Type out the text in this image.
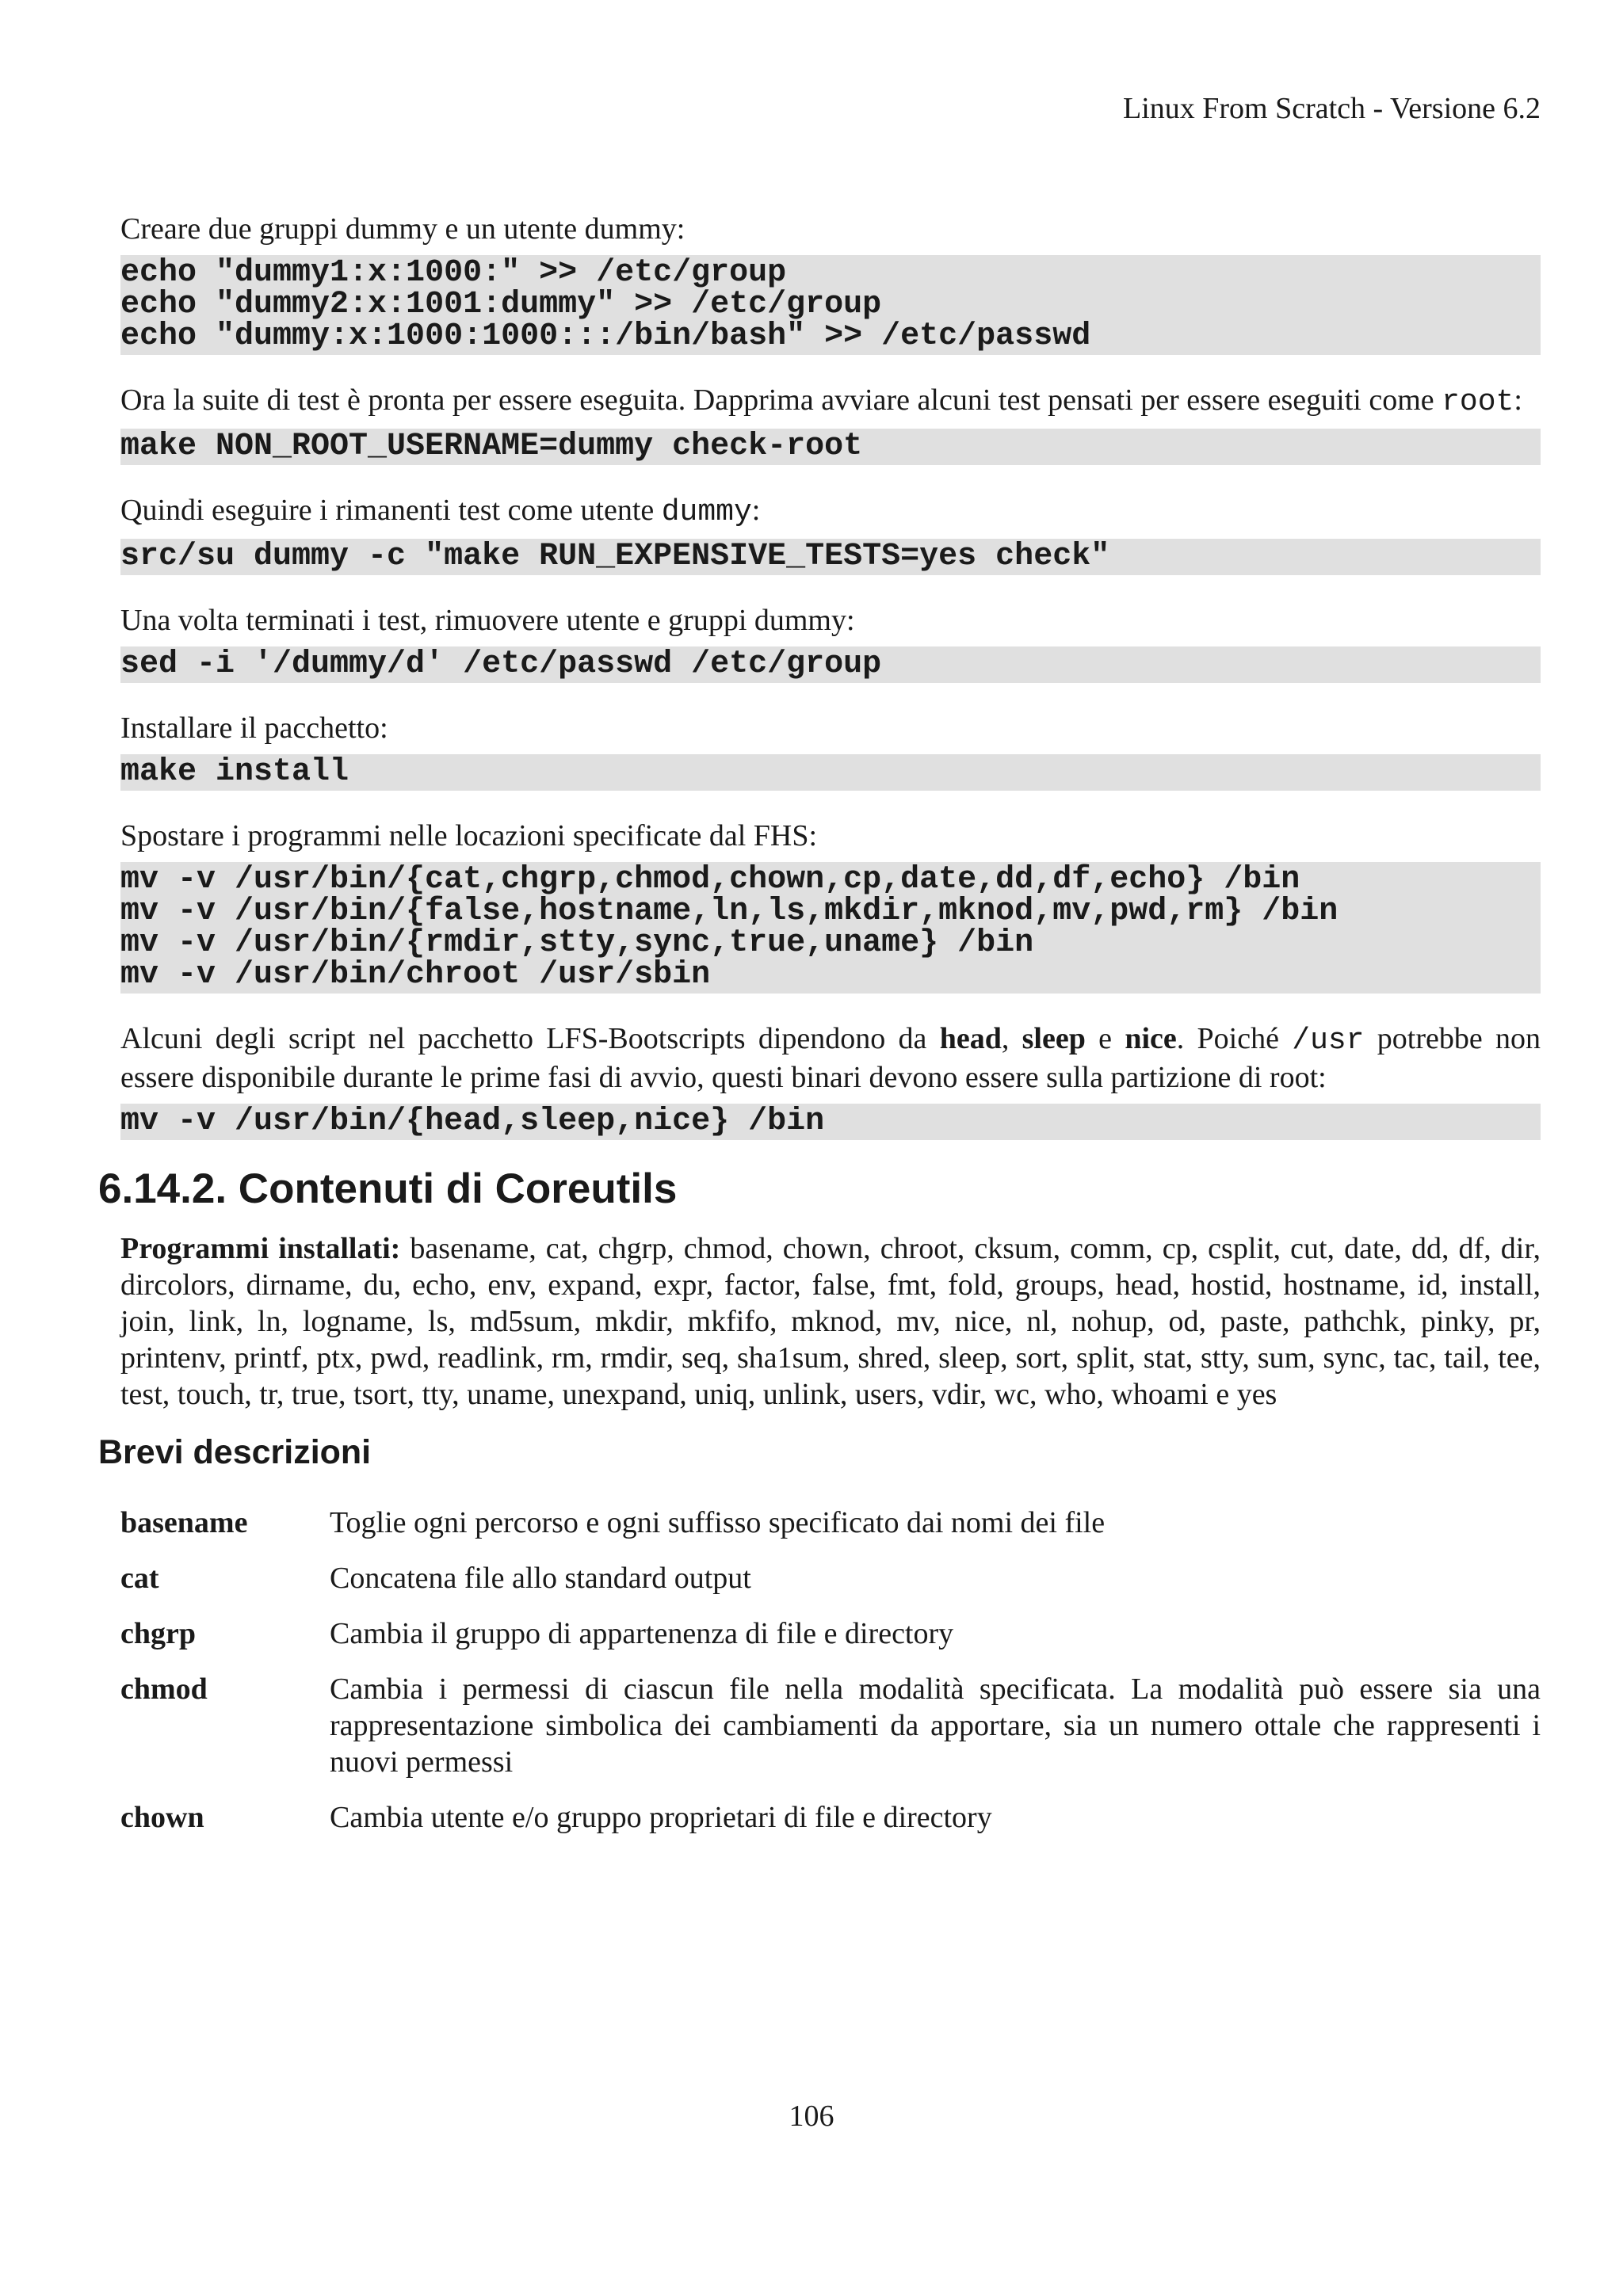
Linux From Scratch - Versione 6.2

Creare due gruppi dummy e un utente dummy:

echo "dummy1:x:1000:" >> /etc/group
echo "dummy2:x:1001:dummy" >> /etc/group
echo "dummy:x:1000:1000:::/bin/bash" >> /etc/passwd

Ora la suite di test è pronta per essere eseguita. Dapprima avviare alcuni test pensati per essere eseguiti come root:

make NON_ROOT_USERNAME=dummy check-root

Quindi eseguire i rimanenti test come utente dummy:

src/su dummy -c "make RUN_EXPENSIVE_TESTS=yes check"

Una volta terminati i test, rimuovere utente e gruppi dummy:

sed -i '/dummy/d' /etc/passwd /etc/group

Installare il pacchetto:

make install

Spostare i programmi nelle locazioni specificate dal FHS:

mv -v /usr/bin/{cat,chgrp,chmod,chown,cp,date,dd,df,echo} /bin
mv -v /usr/bin/{false,hostname,ln,ls,mkdir,mknod,mv,pwd,rm} /bin
mv -v /usr/bin/{rmdir,stty,sync,true,uname} /bin
mv -v /usr/bin/chroot /usr/sbin

Alcuni degli script nel pacchetto LFS-Bootscripts dipendono da head, sleep e nice. Poiché /usr potrebbe non essere disponibile durante le prime fasi di avvio, questi binari devono essere sulla partizione di root:

mv -v /usr/bin/{head,sleep,nice} /bin
6.14.2. Contenuti di Coreutils

Programmi installati: basename, cat, chgrp, chmod, chown, chroot, cksum, comm, cp, csplit, cut, date, dd, df, dir, dircolors, dirname, du, echo, env, expand, expr, factor, false, fmt, fold, groups, head, hostid, hostname, id, install, join, link, ln, logname, ls, md5sum, mkdir, mkfifo, mknod, mv, nice, nl, nohup, od, paste, pathchk, pinky, pr, printenv, printf, ptx, pwd, readlink, rm, rmdir, seq, sha1sum, shred, sleep, sort, split, stat, stty, sum, sync, tac, tail, tee, test, touch, tr, true, tsort, tty, uname, unexpand, uniq, unlink, users, vdir, wc, who, whoami e yes

Brevi descrizioni
basename	Toglie ogni percorso e ogni suffisso specificato dai nomi dei file
cat	Concatena file allo standard output
chgrp	Cambia il gruppo di appartenenza di file e directory
chmod	Cambia i permessi di ciascun file nella modalità specificata. La modalità può essere sia una rappresentazione simbolica dei cambiamenti da apportare, sia un numero ottale che rappresenti i nuovi permessi
chown	Cambia utente e/o gruppo proprietari di file e directory
106
